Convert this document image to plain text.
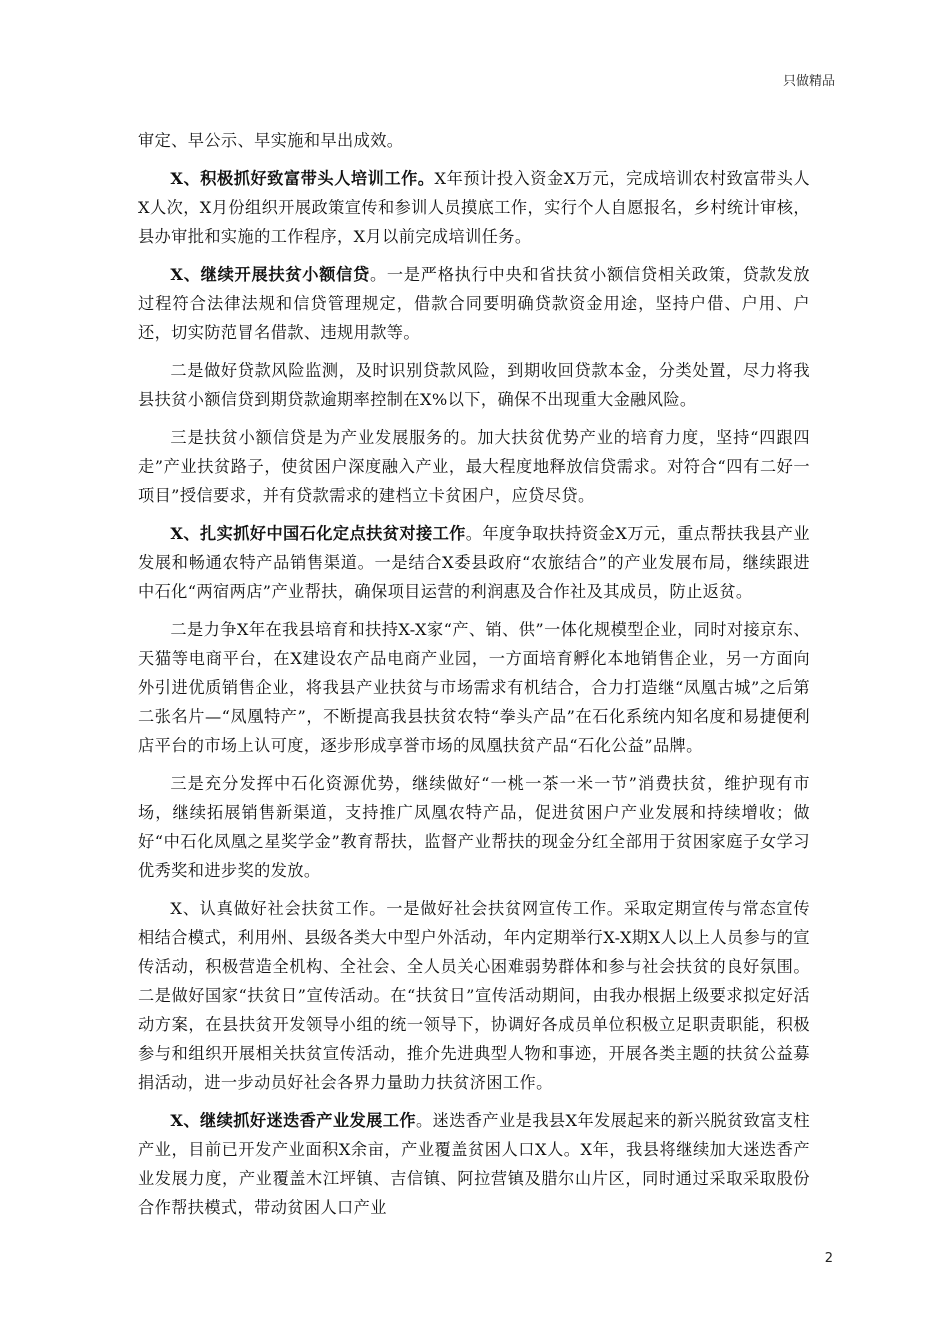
只做精品

审定、早公示、早实施和早出成效。

X、积极抓好致富带头人培训工作。X年预计投入资金X万元，完成培训农村致富带头人X人次，X月份组织开展政策宣传和参训人员摸底工作，实行个人自愿报名，乡村统计审核，县办审批和实施的工作程序，X月以前完成培训任务。

X、继续开展扶贫小额信贷。一是严格执行中央和省扶贫小额信贷相关政策，贷款发放过程符合法律法规和信贷管理规定，借款合同要明确贷款资金用途，坚持户借、户用、户还，切实防范冒名借款、违规用款等。

二是做好贷款风险监测，及时识别贷款风险，到期收回贷款本金，分类处置，尽力将我县扶贫小额信贷到期贷款逾期率控制在X%以下，确保不出现重大金融风险。

三是扶贫小额信贷是为产业发展服务的。加大扶贫优势产业的培育力度，坚持“四跟四走”产业扶贫路子，使贫困户深度融入产业，最大程度地释放信贷需求。对符合“四有二好一项目”授信要求，并有贷款需求的建档立卡贫困户，应贷尽贷。

X、扎实抓好中国石化定点扶贫对接工作。年度争取扶持资金X万元，重点帮扶我县产业发展和畅通农特产品销售渠道。一是结合X委县政府“农旅结合”的产业发展布局，继续跟进中石化“两宿两店”产业帮扶，确保项目运营的利润惠及合作社及其成员，防止返贫。

二是力争X年在我县培育和扶持X-X家“产、销、供”一体化规模型企业，同时对接京东、天猫等电商平台，在X建设农产品电商产业园，一方面培育孵化本地销售企业，另一方面向外引进优质销售企业，将我县产业扶贫与市场需求有机结合，合力打造继“凤凰古城”之后第二张名片—“凤凰特产”，不断提高我县扶贫农特“拳头产品”在石化系统内知名度和易捷便利店平台的市场上认可度，逐步形成享誉市场的凤凰扶贫产品“石化公益”品牌。

三是充分发挥中石化资源优势，继续做好“一桃一茶一米一节”消费扶贫，维护现有市场，继续拓展销售新渠道，支持推广凤凰农特产品，促进贫困户产业发展和持续增收；做好“中石化凤凰之星奖学金”教育帮扶，监督产业帮扶的现金分红全部用于贫困家庭子女学习优秀奖和进步奖的发放。

X、认真做好社会扶贫工作。一是做好社会扶贫网宣传工作。采取定期宣传与常态宣传相结合模式，利用州、县级各类大中型户外活动，年内定期举行X-X期X人以上人员参与的宣传活动，积极营造全机构、全社会、全人员关心困难弱势群体和参与社会扶贫的良好氛围。二是做好国家“扶贫日”宣传活动。在“扶贫日”宣传活动期间，由我办根据上级要求拟定好活动方案，在县扶贫开发领导小组的统一领导下，协调好各成员单位积极立足职责职能，积极参与和组织开展相关扶贫宣传活动，推介先进典型人物和事迹，开展各类主题的扶贫公益募捐活动，进一步动员好社会各界力量助力扶贫济困工作。

X、继续抓好迷迭香产业发展工作。迷迭香产业是我县X年发展起来的新兴脱贫致富支柱产业，目前已开发产业面积X余亩，产业覆盖贫困人口X人。X年，我县将继续加大迷迭香产业发展力度，产业覆盖木江坪镇、吉信镇、阿拉营镇及腊尔山片区，同时通过采取采取股份合作帮扶模式，带动贫困人口产业

2
